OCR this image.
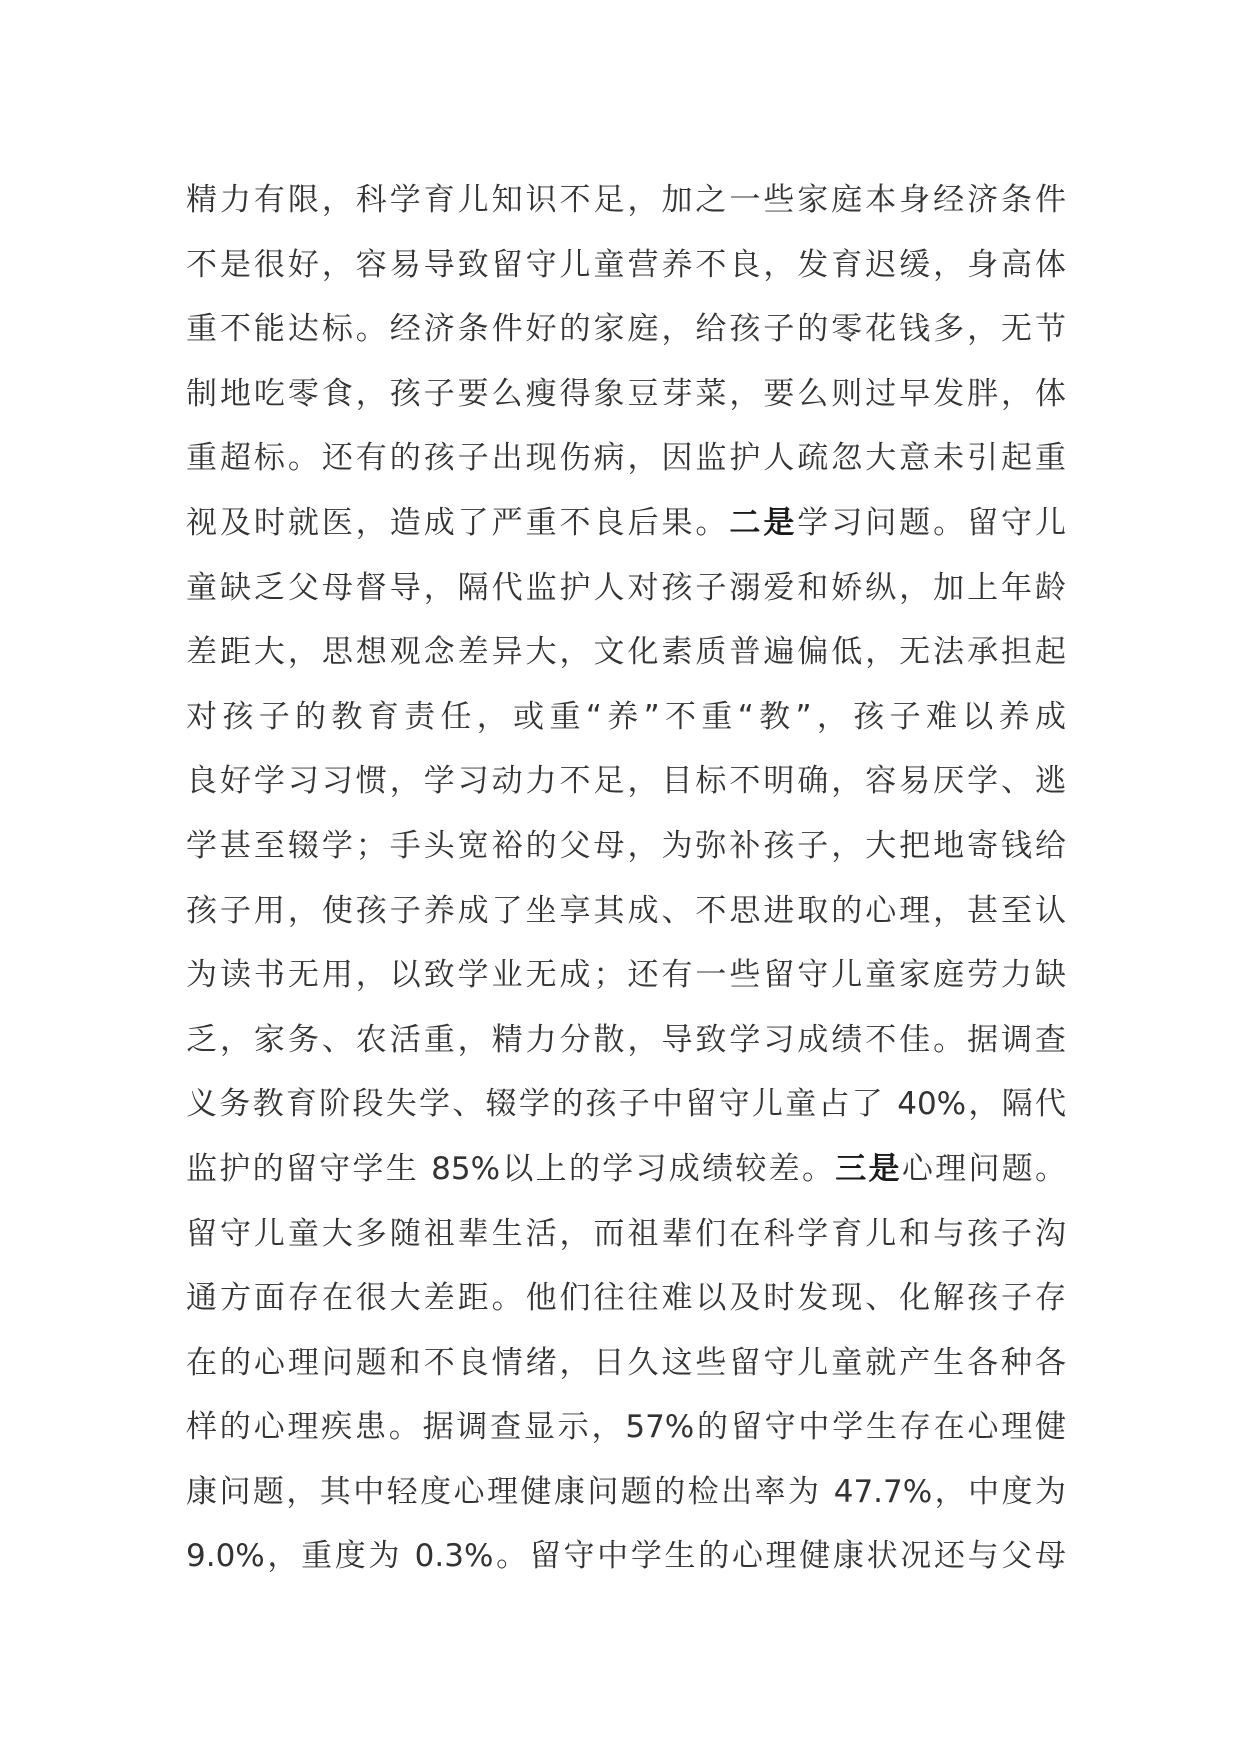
精力有限，科学育儿知识不足，加之一些家庭本身经济条件
不是很好，容易导致留守儿童营养不良，发育迟缓，身高体
重不能达标。经济条件好的家庭，给孩子的零花钱多，无节
制地吃零食，孩子要么瘦得象豆芽菜，要么则过早发胖，体
重超标。还有的孩子出现伤病，因监护人疏忽大意未引起重
视及时就医，造成了严重不良后果。二是学习问题。留守儿
童缺乏父母督导，隔代监护人对孩子溺爱和娇纵，加上年龄
差距大，思想观念差异大，文化素质普遍偏低，无法承担起
对孩子的教育责任，或重“养”不重“教”，孩子难以养成
良好学习习惯，学习动力不足，目标不明确，容易厌学、逃
学甚至辍学；手头宽裕的父母，为弥补孩子，大把地寄钱给
孩子用，使孩子养成了坐享其成、不思进取的心理，甚至认
为读书无用，以致学业无成；还有一些留守儿童家庭劳力缺
乏，家务、农活重，精力分散，导致学习成绩不佳。据调查
义务教育阶段失学、辍学的孩子中留守儿童占了 40%，隔代
监护的留守学生 85%以上的学习成绩较差。三是心理问题。
留守儿童大多随祖辈生活，而祖辈们在科学育儿和与孩子沟
通方面存在很大差距。他们往往难以及时发现、化解孩子存
在的心理问题和不良情绪，日久这些留守儿童就产生各种各
样的心理疾患。据调查显示，57%的留守中学生存在心理健
康问题，其中轻度心理健康问题的检出率为 47.7%，中度为
9.0%，重度为 0.3%。留守中学生的心理健康状况还与父母
